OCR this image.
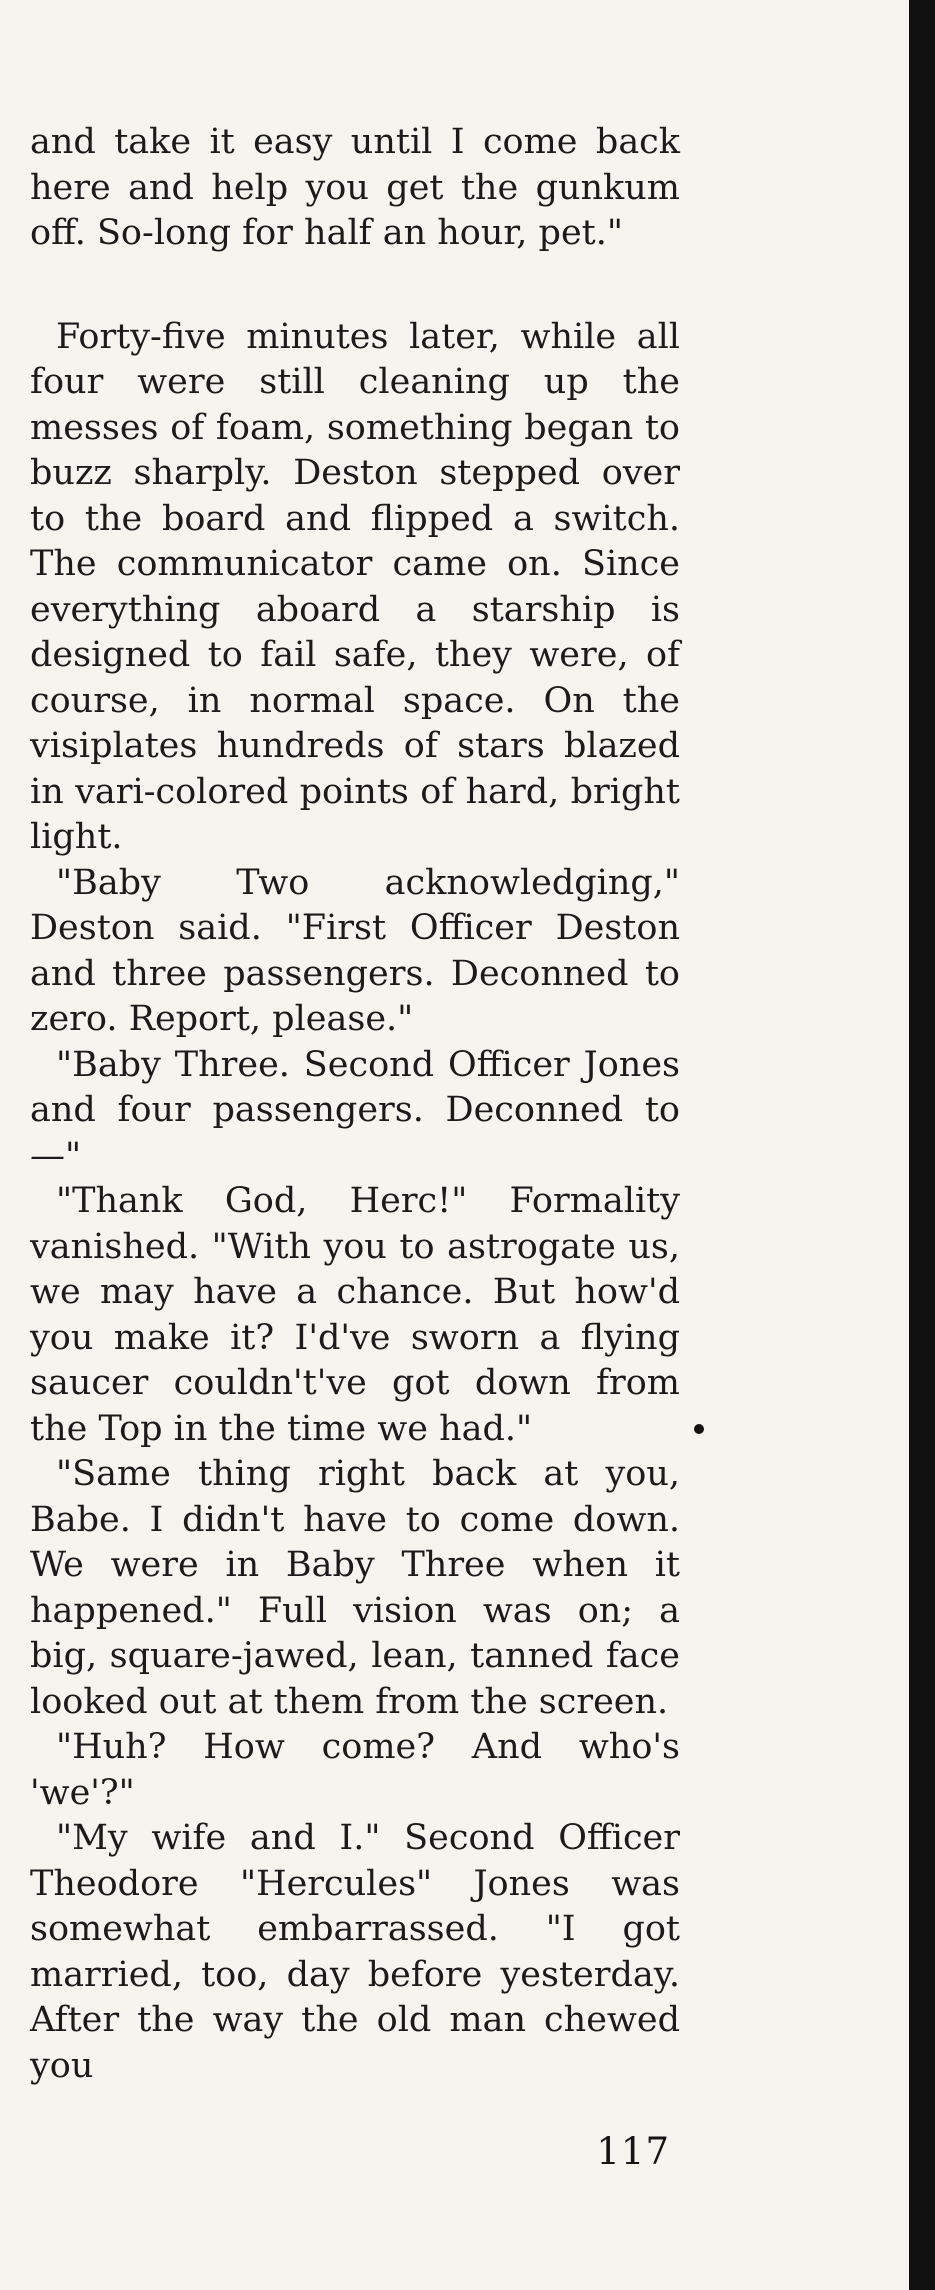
and take it easy until I come back here and help you get the gunkum off. So-long for half an hour, pet."

Forty-five minutes later, while all four were still cleaning up the messes of foam, something began to buzz sharply. Deston stepped over to the board and flipped a switch. The communicator came on. Since everything aboard a starship is designed to fail safe, they were, of course, in normal space. On the visiplates hundreds of stars blazed in vari-colored points of hard, bright light.

"Baby Two acknowledging," Deston said. "First Officer Deston and three passengers. Deconned to zero. Report, please."

"Baby Three. Second Officer Jones and four passengers. Deconned to—"

"Thank God, Herc!" Formality vanished. "With you to astrogate us, we may have a chance. But how'd you make it? I'd've sworn a flying saucer couldn't've got down from the Top in the time we had."

"Same thing right back at you, Babe. I didn't have to come down. We were in Baby Three when it happened." Full vision was on; a big, square-jawed, lean, tanned face looked out at them from the screen.

"Huh? How come? And who's 'we'?"

"My wife and I." Second Officer Theodore "Hercules" Jones was somewhat embarrassed. "I got married, too, day before yesterday. After the way the old man chewed you

117
